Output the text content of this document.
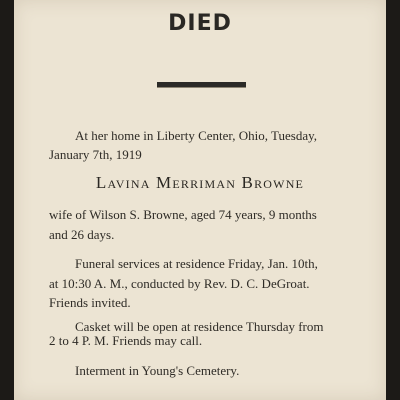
DIED
At her home in Liberty Center, Ohio, Tuesday,
January 7th, 1919
Lavina Merriman Browne
wife of Wilson S. Browne, aged 74 years, 9 months
and 26 days.
Funeral services at residence Friday, Jan. 10th,
at 10:30 A. M., conducted by Rev. D. C. DeGroat.
Friends invited.
Casket will be open at residence Thursday from
2 to 4 P. M. Friends may call.
Interment in Young's Cemetery.
